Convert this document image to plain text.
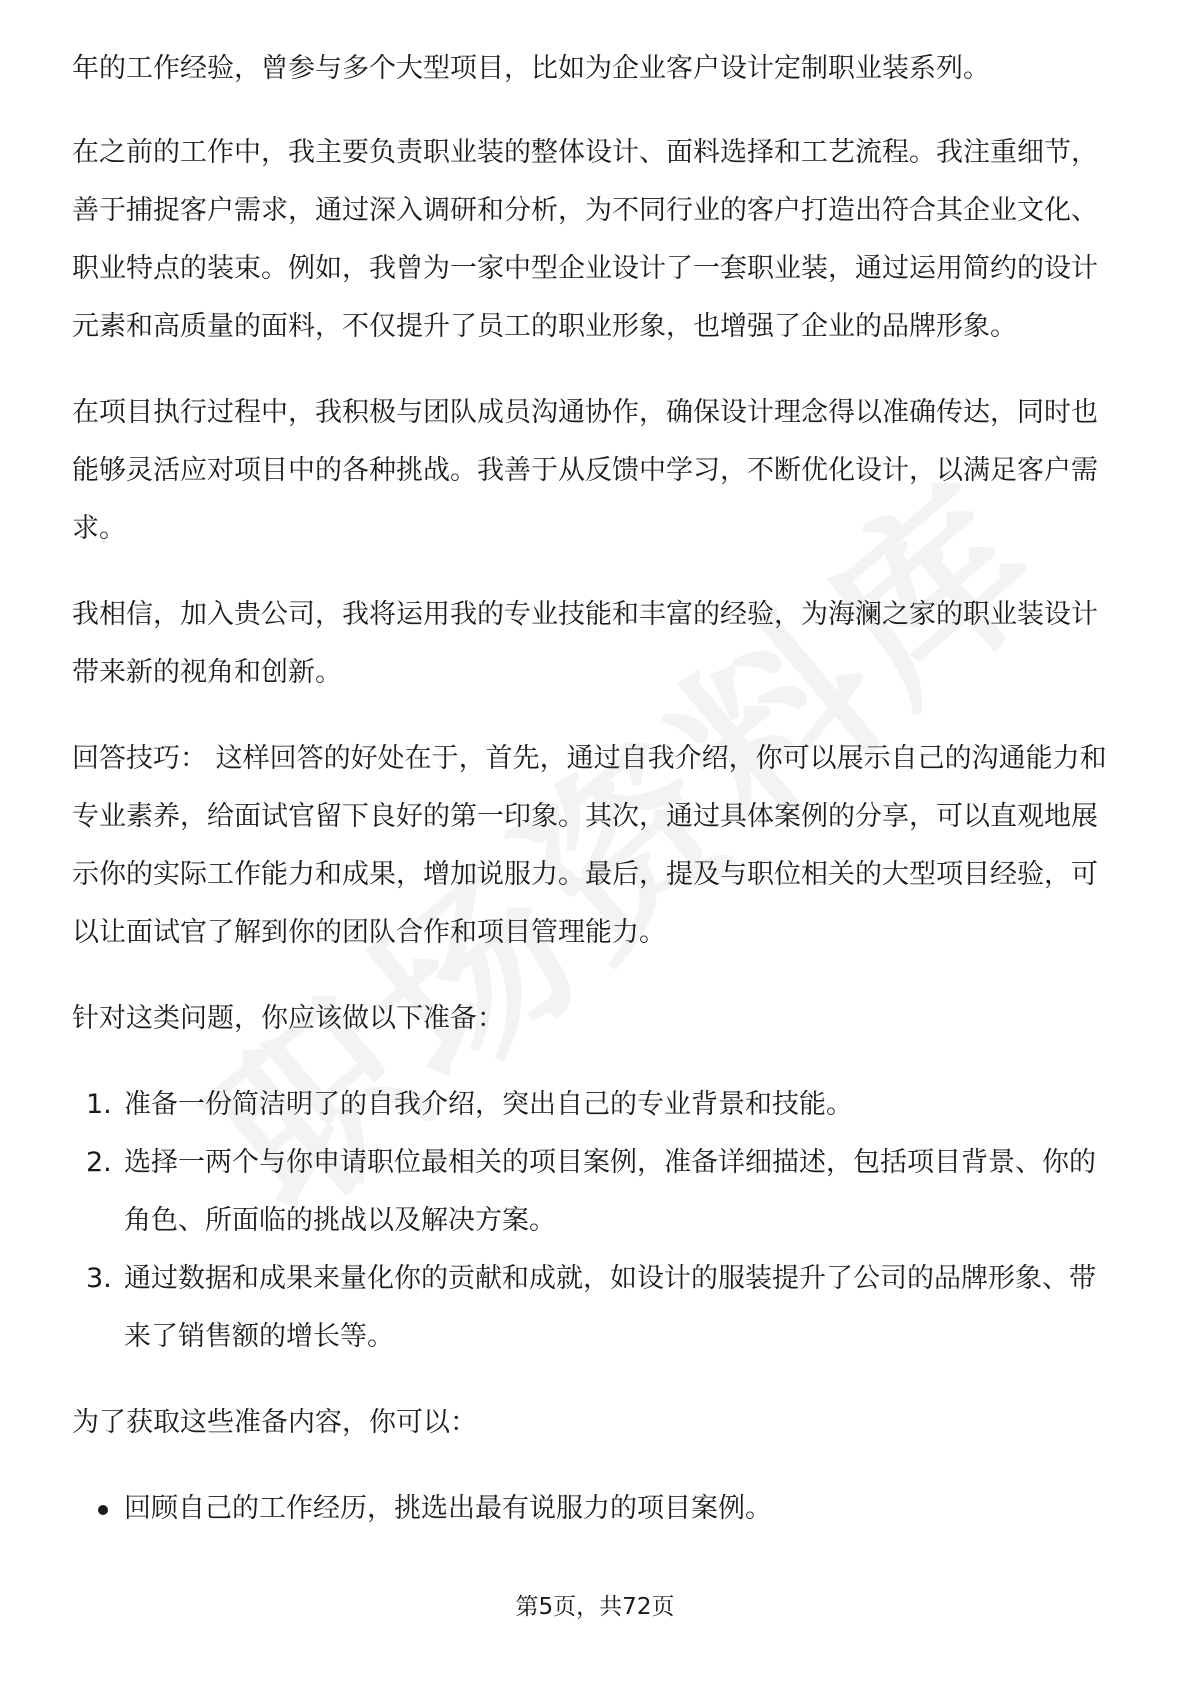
年的工作经验，曾参与多个大型项目，比如为企业客户设计定制职业装系列。

在之前的工作中，我主要负责职业装的整体设计、面料选择和工艺流程。我注重细节，善于捕捉客户需求，通过深入调研和分析，为不同行业的客户打造出符合其企业文化、职业特点的装束。例如，我曾为一家中型企业设计了一套职业装，通过运用简约的设计元素和高质量的面料，不仅提升了员工的职业形象，也增强了企业的品牌形象。

在项目执行过程中，我积极与团队成员沟通协作，确保设计理念得以准确传达，同时也能够灵活应对项目中的各种挑战。我善于从反馈中学习，不断优化设计，以满足客户需求。

我相信，加入贵公司，我将运用我的专业技能和丰富的经验，为海澜之家的职业装设计带来新的视角和创新。

回答技巧： 这样回答的好处在于，首先，通过自我介绍，你可以展示自己的沟通能力和专业素养，给面试官留下良好的第一印象。其次，通过具体案例的分享，可以直观地展示你的实际工作能力和成果，增加说服力。最后，提及与职位相关的大型项目经验，可以让面试官了解到你的团队合作和项目管理能力。

针对这类问题，你应该做以下准备：

1. 准备一份简洁明了的自我介绍，突出自己的专业背景和技能。
2. 选择一两个与你申请职位最相关的项目案例，准备详细描述，包括项目背景、你的角色、所面临的挑战以及解决方案。
3. 通过数据和成果来量化你的贡献和成就，如设计的服装提升了公司的品牌形象、带来了销售额的增长等。

为了获取这些准备内容，你可以：

回顾自己的工作经历，挑选出最有说服力的项目案例。
第5页，共72页
